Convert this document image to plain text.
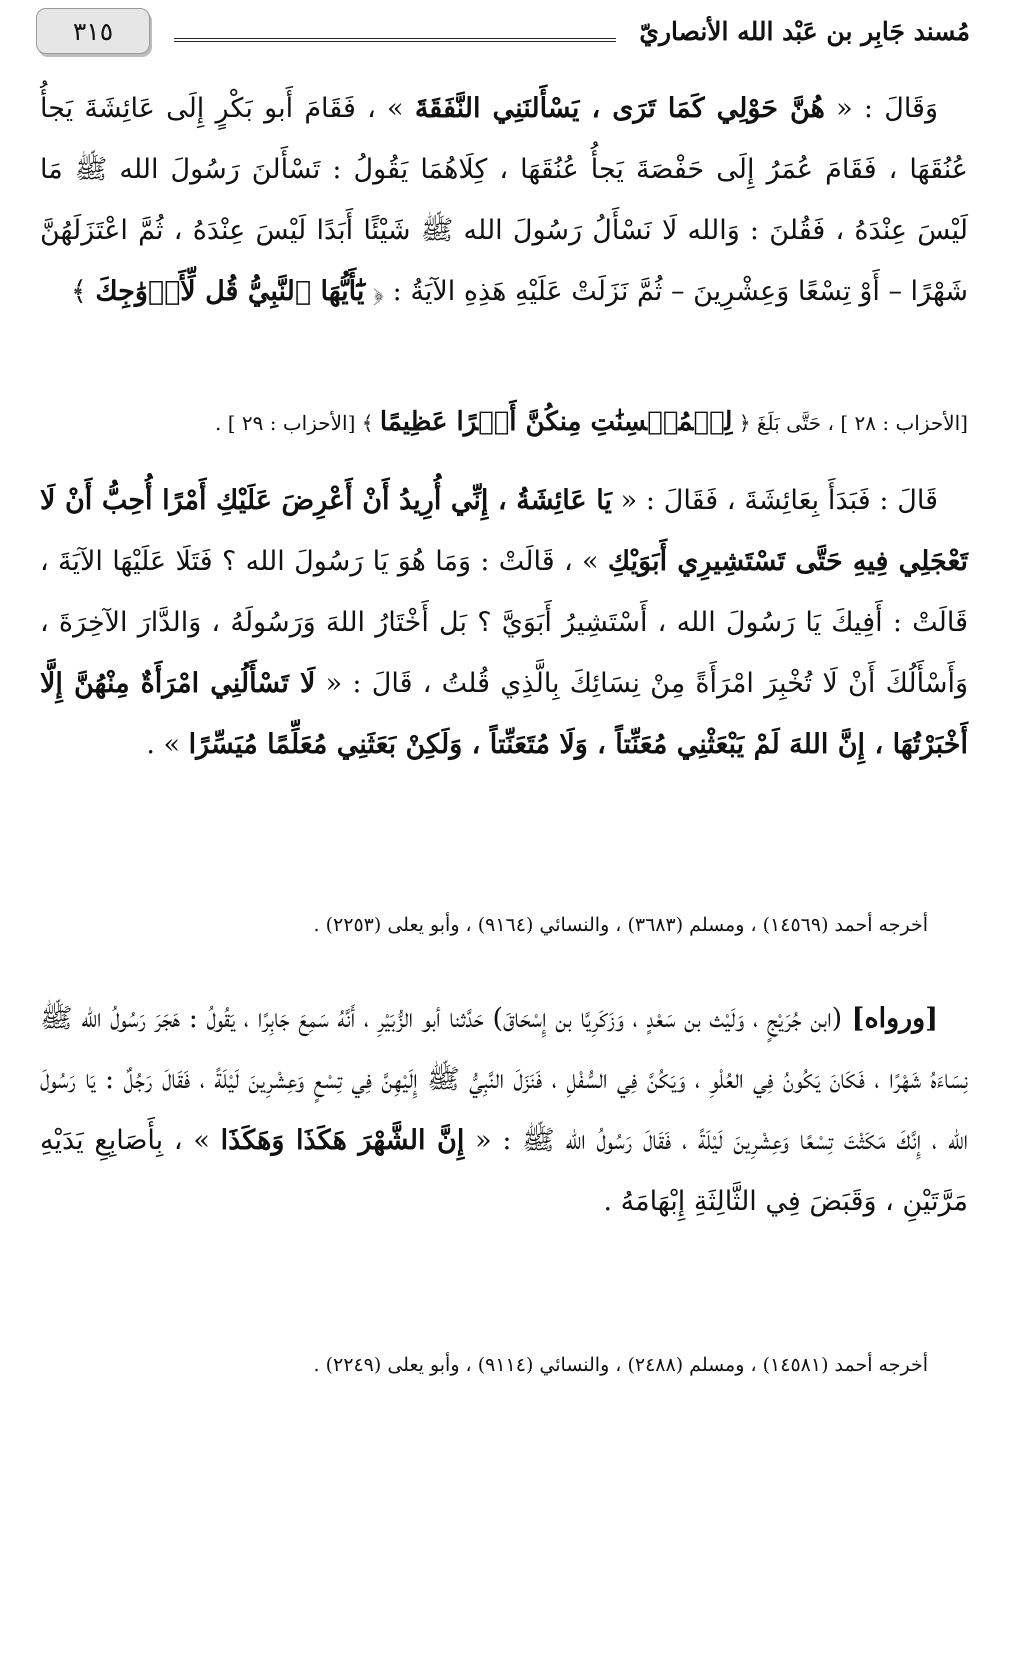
مُسند جَابِر بن عَبْد الله الأنصاريّ
٣١٥
وَقَالَ : « هُنَّ حَوْلِي كَمَا تَرَى ، يَسْأَلنَنِي النَّفَقَةَ » ، فَقَامَ أَبو بَكْرٍ إِلَى عَائِشَةَ يَجأُ عُنُقَهَا ، فَقَامَ عُمَرُ إِلَى حَفْصَةَ يَجأُ عُنُقَهَا ، كِلَاهُمَا يَقُولُ : تَسْأَلنَ رَسُولَ الله ﷺ مَا لَيْسَ عِنْدَهُ ، فَقُلنَ : وَالله لَا نَسْأَلُ رَسُولَ الله ﷺ شَيْئًا أَبَدًا لَيْسَ عِنْدَهُ ، ثُمَّ اعْتَزَلَهُنَّ شَهْرًا – أَوْ تِسْعًا وَعِشْرِينَ – ثُمَّ نَزَلَتْ عَلَيْهِ هَذِهِ الآيَةُ : ﴿ يَٰٓأَيُّهَا ٱلنَّبِيُّ قُل لِّأَزۡوَٰجِكَ ﴾
[الأحزاب : ٢٨ ] ، حَتَّى بَلَغَ ﴿ لِلۡمُحۡسِنَٰتِ مِنكُنَّ أَجۡرًا عَظِيمًا ﴾ [الأحزاب : ٢٩ ] .
قَالَ : فَبَدَأَ بِعَائِشَةَ ، فَقَالَ : « يَا عَائِشَةُ ، إِنِّي أُرِيدُ أَنْ أَعْرِضَ عَلَيْكِ أَمْرًا أُحِبُّ أَنْ لَا تَعْجَلِي فِيهِ حَتَّى تَسْتَشِيرِي أَبَوَيْكِ » ، قَالَتْ : وَمَا هُوَ يَا رَسُولَ الله ؟ فَتَلَا عَلَيْهَا الآيَةَ ، قَالَتْ : أَفِيكَ يَا رَسُولَ الله ، أَسْتَشِيرُ أَبَوَيَّ ؟ بَل أَخْتَارُ اللهَ وَرَسُولَهُ ، وَالدَّارَ الآخِرَةَ ، وَأَسْأَلُكَ أَنْ لَا تُخْبِرَ امْرَأَةً مِنْ نِسَائِكَ بِالَّذِي قُلتُ ، قَالَ : « لَا تَسْأَلُنِي امْرَأَةٌ مِنْهُنَّ إِلَّا أَخْبَرْتُهَا ، إِنَّ اللهَ لَمْ يَبْعَثْنِي مُعَنِّتاً ، وَلَا مُتَعَنِّتاً ، وَلَكِنْ بَعَثَنِي مُعَلِّمًا مُيَسِّرًا » .
أخرجه أحمد (١٤٥٦٩) ، ومسلم (٣٦٨٣) ، والنسائي (٩١٦٤) ، وأبو يعلى (٢٢٥٣) .
[ورواه] (ابن جُرَيْجٍ ، وَلَيْث بن سَعْدٍ ، وَزَكَرِيَّا بن إِسْحَاقَ) حَدَّثنا أبو الزُّبَيْرِ ، أَنَّهُ سَمِعَ جَابِرًا ، يَقُولُ : هَجَرَ رَسُولُ الله ﷺ نِسَاءَهُ شَهْرًا ، فَكَانَ يَكُونُ فِي العُلْوِ ، وَيَكُنَّ فِي السُّفْلِ ، فَنَزَلَ النَّبِيُّ ﷺ إِلَيْهِنَّ فِي تِسْعٍ وَعِشْرِينَ لَيْلَةً ، فَقَالَ رَجُلٌ : يَا رَسُولَ الله ، إِنَّكَ مَكَثْتَ تِسْعًا وَعِشْرِينَ لَيْلَةً ، فَقَالَ رَسُولُ الله ﷺ : « إِنَّ الشَّهْرَ هَكَذَا وَهَكَذَا » ، بِأَصَابِعِ يَدَيْهِ مَرَّتَيْنِ ، وَقَبَضَ فِي الثَّالِثَةِ إِبْهَامَهُ .
أخرجه أحمد (١٤٥٨١) ، ومسلم (٢٤٨٨) ، والنسائي (٩١١٤) ، وأبو يعلى (٢٢٤٩) .
